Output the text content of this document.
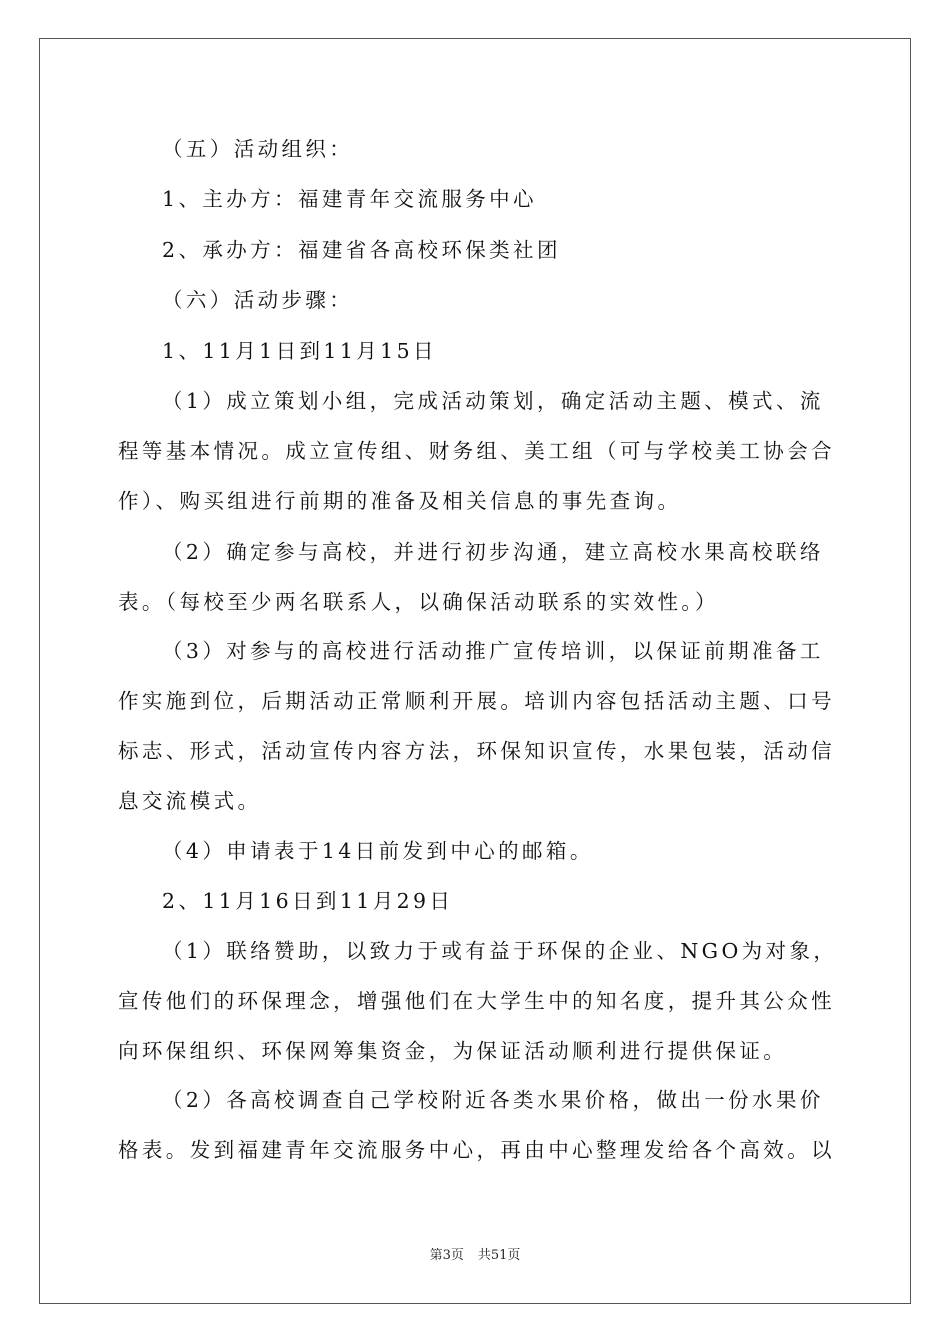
（五）活动组织：
1、主办方：福建青年交流服务中心
2、承办方：福建省各高校环保类社团
（六）活动步骤：
1、11月1日到11月15日
（1）成立策划小组，完成活动策划，确定活动主题、模式、流
程等基本情况。成立宣传组、财务组、美工组（可与学校美工协会合
作）、购买组进行前期的准备及相关信息的事先查询。
（2）确定参与高校，并进行初步沟通，建立高校水果高校联络
表。（每校至少两名联系人，以确保活动联系的实效性。）
（3）对参与的高校进行活动推广宣传培训，以保证前期准备工
作实施到位，后期活动正常顺利开展。培训内容包括活动主题、口号
标志、形式，活动宣传内容方法，环保知识宣传，水果包装，活动信
息交流模式。
（4）申请表于14日前发到中心的邮箱。
2、11月16日到11月29日
（1）联络赞助，以致力于或有益于环保的企业、NGO为对象，
宣传他们的环保理念，增强他们在大学生中的知名度，提升其公众性
向环保组织、环保网筹集资金，为保证活动顺利进行提供保证。
（2）各高校调查自己学校附近各类水果价格，做出一份水果价
格表。发到福建青年交流服务中心，再由中心整理发给各个高效。以
第3页 共51页
